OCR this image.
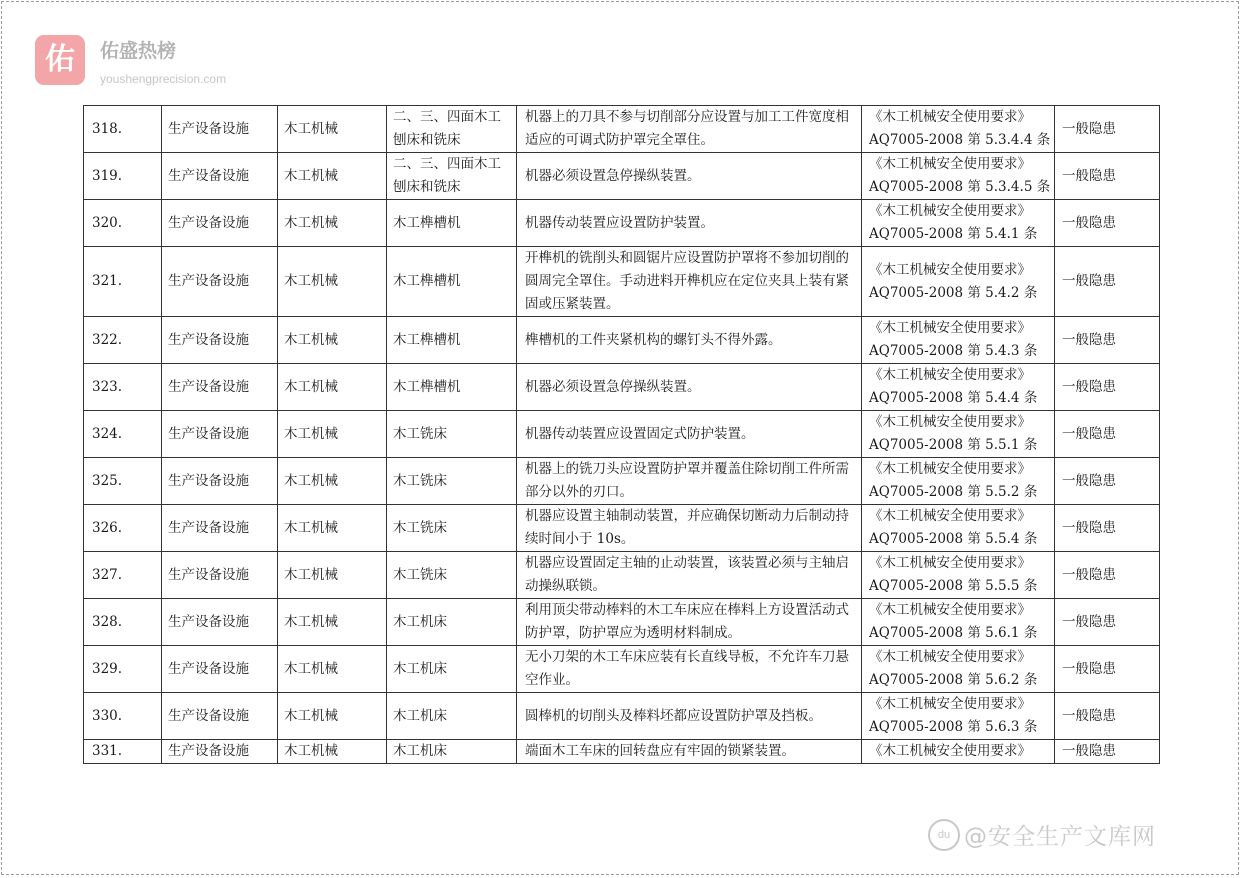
佑	佑盛热榜
youshengprecision.com
318.	生产设备设施	木工机械	二、三、四面木工刨床和铣床	机器上的刀具不参与切削部分应设置与加工工件宽度相适应的可调式防护罩完全罩住。	《木工机械安全使用要求》
AQ7005-2008 第 5.3.4.4 条	一般隐患
319.	生产设备设施	木工机械	二、三、四面木工刨床和铣床	机器必须设置急停操纵装置。	《木工机械安全使用要求》
AQ7005-2008 第 5.3.4.5 条	一般隐患
320.	生产设备设施	木工机械	木工榫槽机	机器传动装置应设置防护装置。	《木工机械安全使用要求》
AQ7005-2008 第 5.4.1 条	一般隐患
321.	生产设备设施	木工机械	木工榫槽机	开榫机的铣削头和圆锯片应设置防护罩将不参加切削的圆周完全罩住。手动进料开榫机应在定位夹具上装有紧固或压紧装置。	《木工机械安全使用要求》
AQ7005-2008 第 5.4.2 条	一般隐患
322.	生产设备设施	木工机械	木工榫槽机	榫槽机的工件夹紧机构的螺钉头不得外露。	《木工机械安全使用要求》
AQ7005-2008 第 5.4.3 条	一般隐患
323.	生产设备设施	木工机械	木工榫槽机	机器必须设置急停操纵装置。	《木工机械安全使用要求》
AQ7005-2008 第 5.4.4 条	一般隐患
324.	生产设备设施	木工机械	木工铣床	机器传动装置应设置固定式防护装置。	《木工机械安全使用要求》
AQ7005-2008 第 5.5.1 条	一般隐患
325.	生产设备设施	木工机械	木工铣床	机器上的铣刀头应设置防护罩并覆盖住除切削工件所需部分以外的刃口。	《木工机械安全使用要求》
AQ7005-2008 第 5.5.2 条	一般隐患
326.	生产设备设施	木工机械	木工铣床	机器应设置主轴制动装置，并应确保切断动力后制动持续时间小于 10s。	《木工机械安全使用要求》
AQ7005-2008 第 5.5.4 条	一般隐患
327.	生产设备设施	木工机械	木工铣床	机器应设置固定主轴的止动装置，该装置必须与主轴启动操纵联锁。	《木工机械安全使用要求》
AQ7005-2008 第 5.5.5 条	一般隐患
328.	生产设备设施	木工机械	木工机床	利用顶尖带动棒料的木工车床应在棒料上方设置活动式防护罩，防护罩应为透明材料制成。	《木工机械安全使用要求》
AQ7005-2008 第 5.6.1 条	一般隐患
329.	生产设备设施	木工机械	木工机床	无小刀架的木工车床应装有长直线导板，不允许车刀悬空作业。	《木工机械安全使用要求》
AQ7005-2008 第 5.6.2 条	一般隐患
330.	生产设备设施	木工机械	木工机床	圆棒机的切削头及棒料坯都应设置防护罩及挡板。	《木工机械安全使用要求》
AQ7005-2008 第 5.6.3 条	一般隐患
331.	生产设备设施	木工机械	木工机床	端面木工车床的回转盘应有牢固的锁紧装置。	《木工机械安全使用要求》	一般隐患
du @安全生产文库网
